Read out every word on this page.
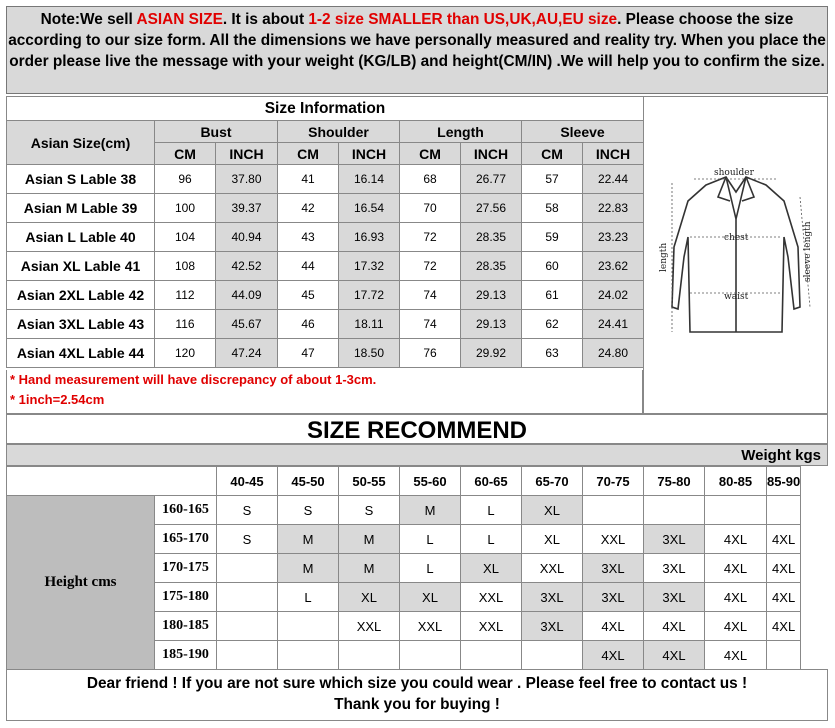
Note:We sell ASIAN SIZE. It is about 1-2 size SMALLER than US,UK,AU,EU size. Please choose the size according to our size form. All the dimensions we have personally measured and reality try. When you place the order please live the message with your weight (KG/LB) and height(CM/IN) .We will help you to confirm the size.
Size Information								
Asian Size(cm)	Bust		Shoulder		Length		Sleeve	
	CM	INCH	CM	INCH	CM	INCH	CM	INCH
Asian S Lable 38	96	37.80	41	16.14	68	26.77	57	22.44
Asian M Lable 39	100	39.37	42	16.54	70	27.56	58	22.83
Asian L Lable 40	104	40.94	43	16.93	72	28.35	59	23.23
Asian XL Lable 41	108	42.52	44	17.32	72	28.35	60	23.62
Asian 2XL Lable 42	112	44.09	45	17.72	74	29.13	61	24.02
Asian 3XL Lable 43	116	45.67	46	18.11	74	29.13	62	24.41
Asian 4XL Lable 44	120	47.24	47	18.50	76	29.92	63	24.80
* Hand measurement will have discrepancy of about 1-3cm.
* 1inch=2.54cm
shoulder
chest
waist
length	sleeve length
SIZE RECOMMEND
Weight kgs
		40-45	45-50	50-55	55-60	60-65	65-70	70-75	75-80	80-85	85-90
Height cms	160-165	S	S	S	M	L	XL				
	165-170	S	M	M	L	L	XL	XXL	3XL	4XL	4XL
	170-175		M	M	L	XL	XXL	3XL	3XL	4XL	4XL
	175-180		L	XL	XL	XXL	3XL	3XL	3XL	4XL	4XL
	180-185			XXL	XXL	XXL	3XL	4XL	4XL	4XL	4XL
	185-190							4XL	4XL	4XL	
Dear friend ! If you are not sure which size you could wear . Please feel free to contact us !
Thank you for buying !
